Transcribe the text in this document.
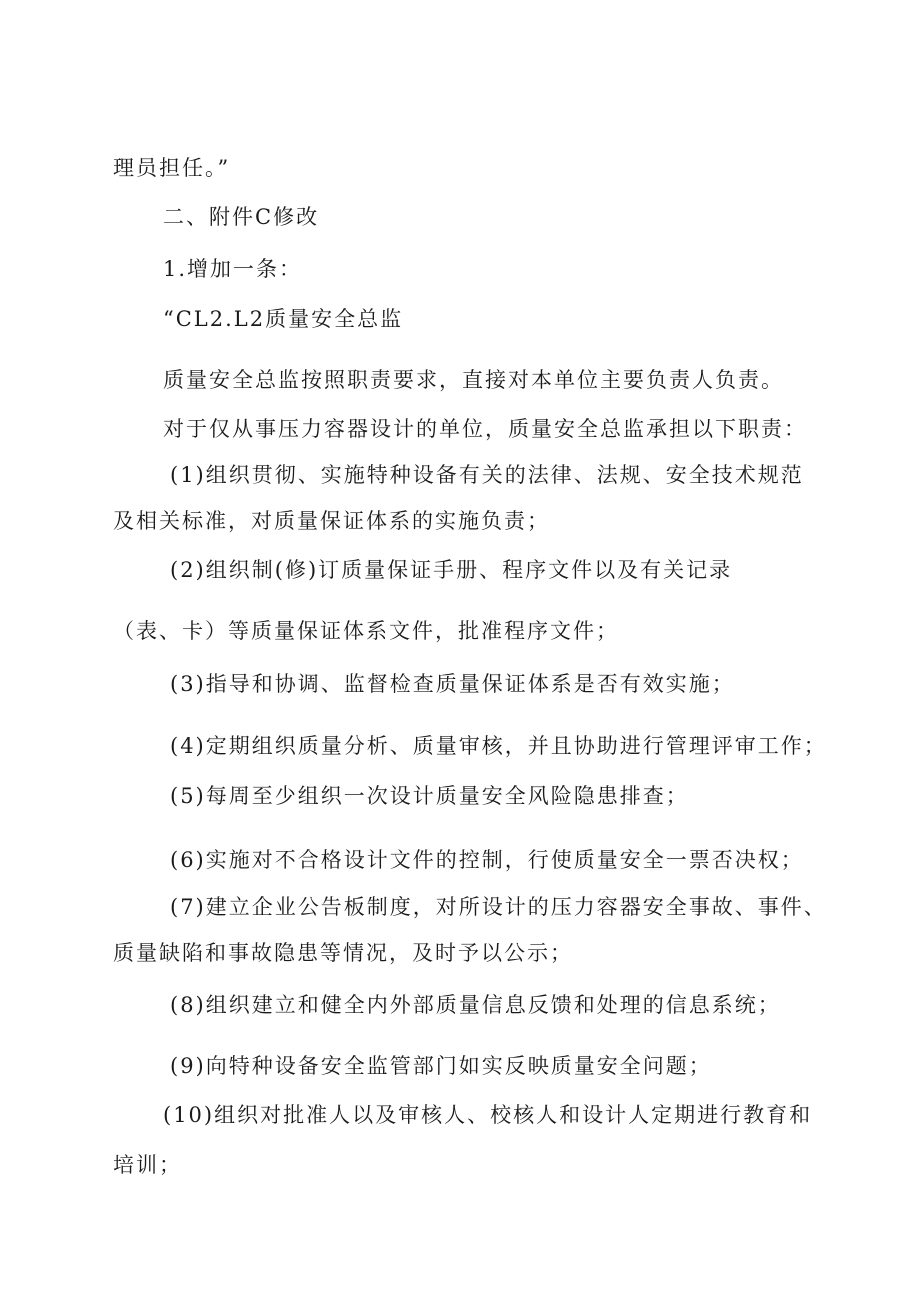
理员担任。”

二、附件C修改

1.增加一条：

“CL2.L2质量安全总监

质量安全总监按照职责要求，直接对本单位主要负责人负责。

对于仅从事压力容器设计的单位，质量安全总监承担以下职责：

(1)组织贯彻、实施特种设备有关的法律、法规、安全技术规范

及相关标准，对质量保证体系的实施负责；

(2)组织制(修)订质量保证手册、程序文件以及有关记录

（表、卡）等质量保证体系文件，批准程序文件；

(3)指导和协调、监督检查质量保证体系是否有效实施；

(4)定期组织质量分析、质量审核，并且协助进行管理评审工作；

(5)每周至少组织一次设计质量安全风险隐患排查；

(6)实施对不合格设计文件的控制，行使质量安全一票否决权；

(7)建立企业公告板制度，对所设计的压力容器安全事故、事件、

质量缺陷和事故隐患等情况，及时予以公示；

(8)组织建立和健全内外部质量信息反馈和处理的信息系统；

(9)向特种设备安全监管部门如实反映质量安全问题；

(10)组织对批准人以及审核人、校核人和设计人定期进行教育和

培训；
